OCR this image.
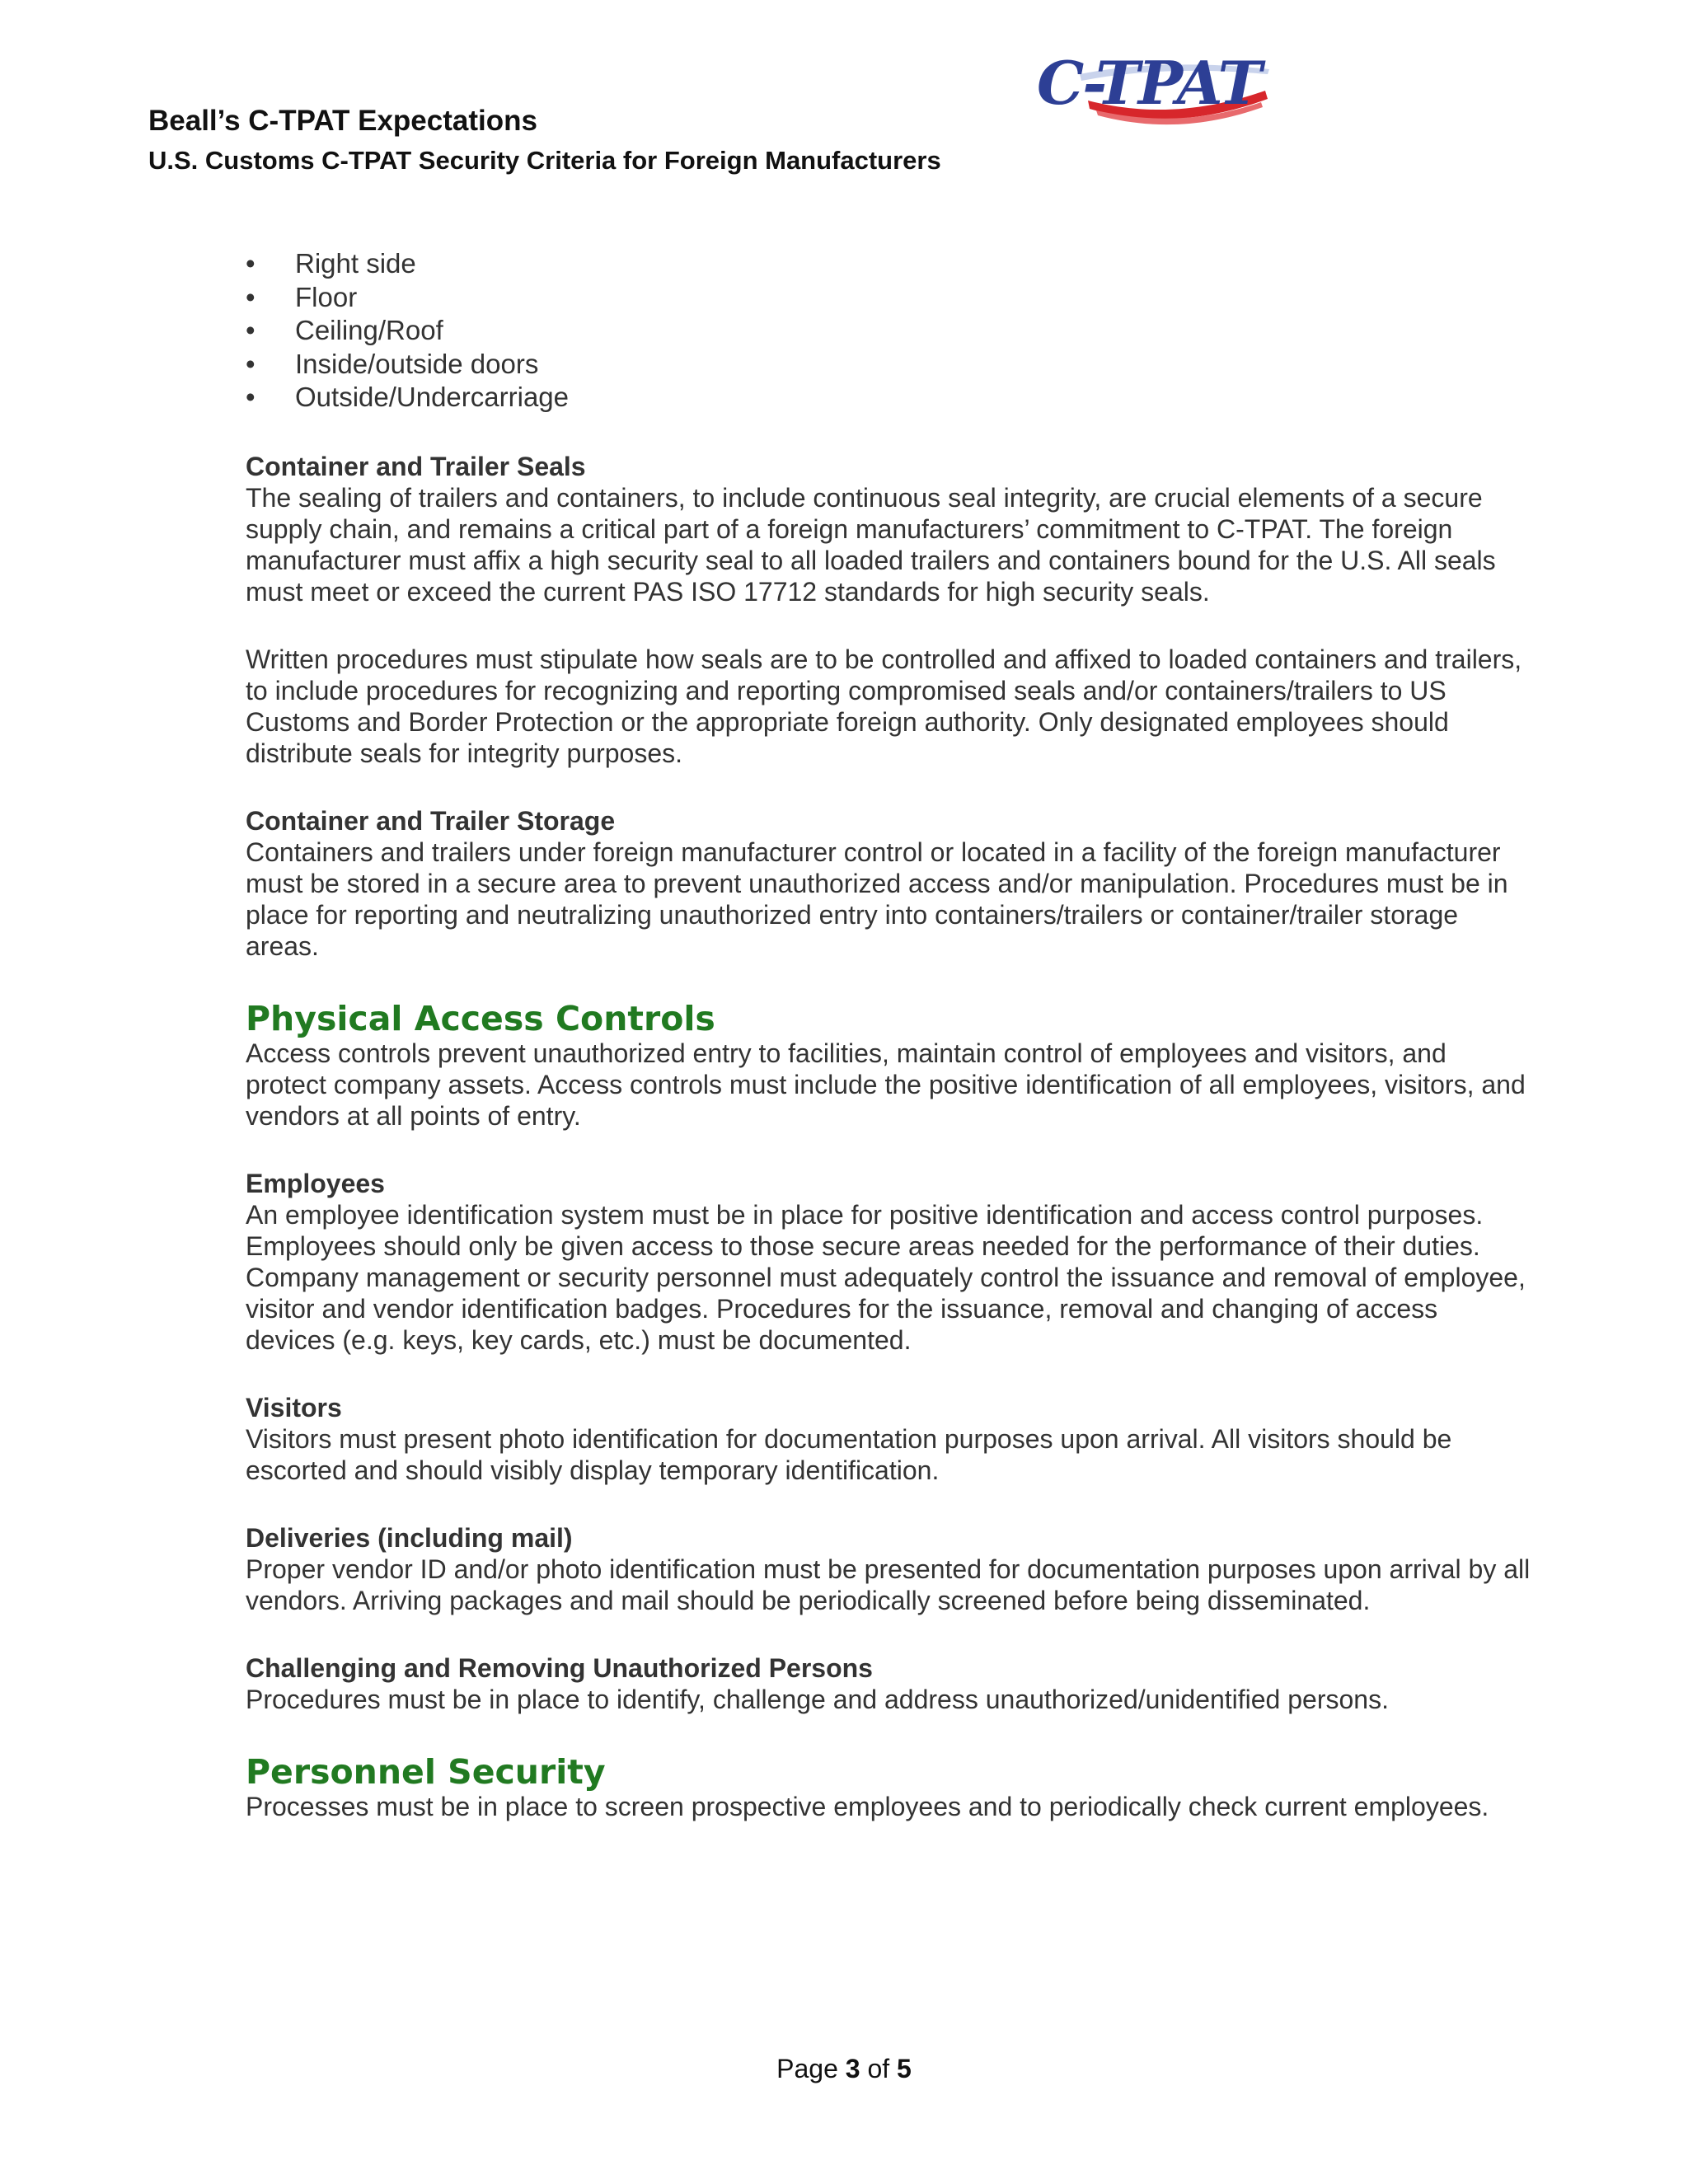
Beall’s C-TPAT Expectations
U.S. Customs C-TPAT Security Criteria for Foreign Manufacturers
C-TPAT
• Right side
• Floor
• Ceiling/Roof
• Inside/outside doors
• Outside/Undercarriage

Container and Trailer Seals

The sealing of trailers and containers, to include continuous seal integrity, are crucial elements of a secure supply chain, and remains a critical part of a foreign manufacturers’ commitment to C-TPAT. The foreign manufacturer must affix a high security seal to all loaded trailers and containers bound for the U.S. All seals must meet or exceed the current PAS ISO 17712 standards for high security seals.

Written procedures must stipulate how seals are to be controlled and affixed to loaded containers and trailers, to include procedures for recognizing and reporting compromised seals and/or containers/trailers to US Customs and Border Protection or the appropriate foreign authority. Only designated employees should distribute seals for integrity purposes.

Container and Trailer Storage

Containers and trailers under foreign manufacturer control or located in a facility of the foreign manufacturer must be stored in a secure area to prevent unauthorized access and/or manipulation. Procedures must be in place for reporting and neutralizing unauthorized entry into containers/trailers or container/trailer storage areas.

Physical Access Controls

Access controls prevent unauthorized entry to facilities, maintain control of employees and visitors, and protect company assets. Access controls must include the positive identification of all employees, visitors, and vendors at all points of entry.

Employees

An employee identification system must be in place for positive identification and access control purposes. Employees should only be given access to those secure areas needed for the performance of their duties. Company management or security personnel must adequately control the issuance and removal of employee, visitor and vendor identification badges. Procedures for the issuance, removal and changing of access devices (e.g. keys, key cards, etc.) must be documented.

Visitors

Visitors must present photo identification for documentation purposes upon arrival. All visitors should be escorted and should visibly display temporary identification.

Deliveries (including mail)

Proper vendor ID and/or photo identification must be presented for documentation purposes upon arrival by all vendors. Arriving packages and mail should be periodically screened before being disseminated.

Challenging and Removing Unauthorized Persons

Procedures must be in place to identify, challenge and address unauthorized/unidentified persons.

Personnel Security

Processes must be in place to screen prospective employees and to periodically check current employees.

Page 3 of 5
